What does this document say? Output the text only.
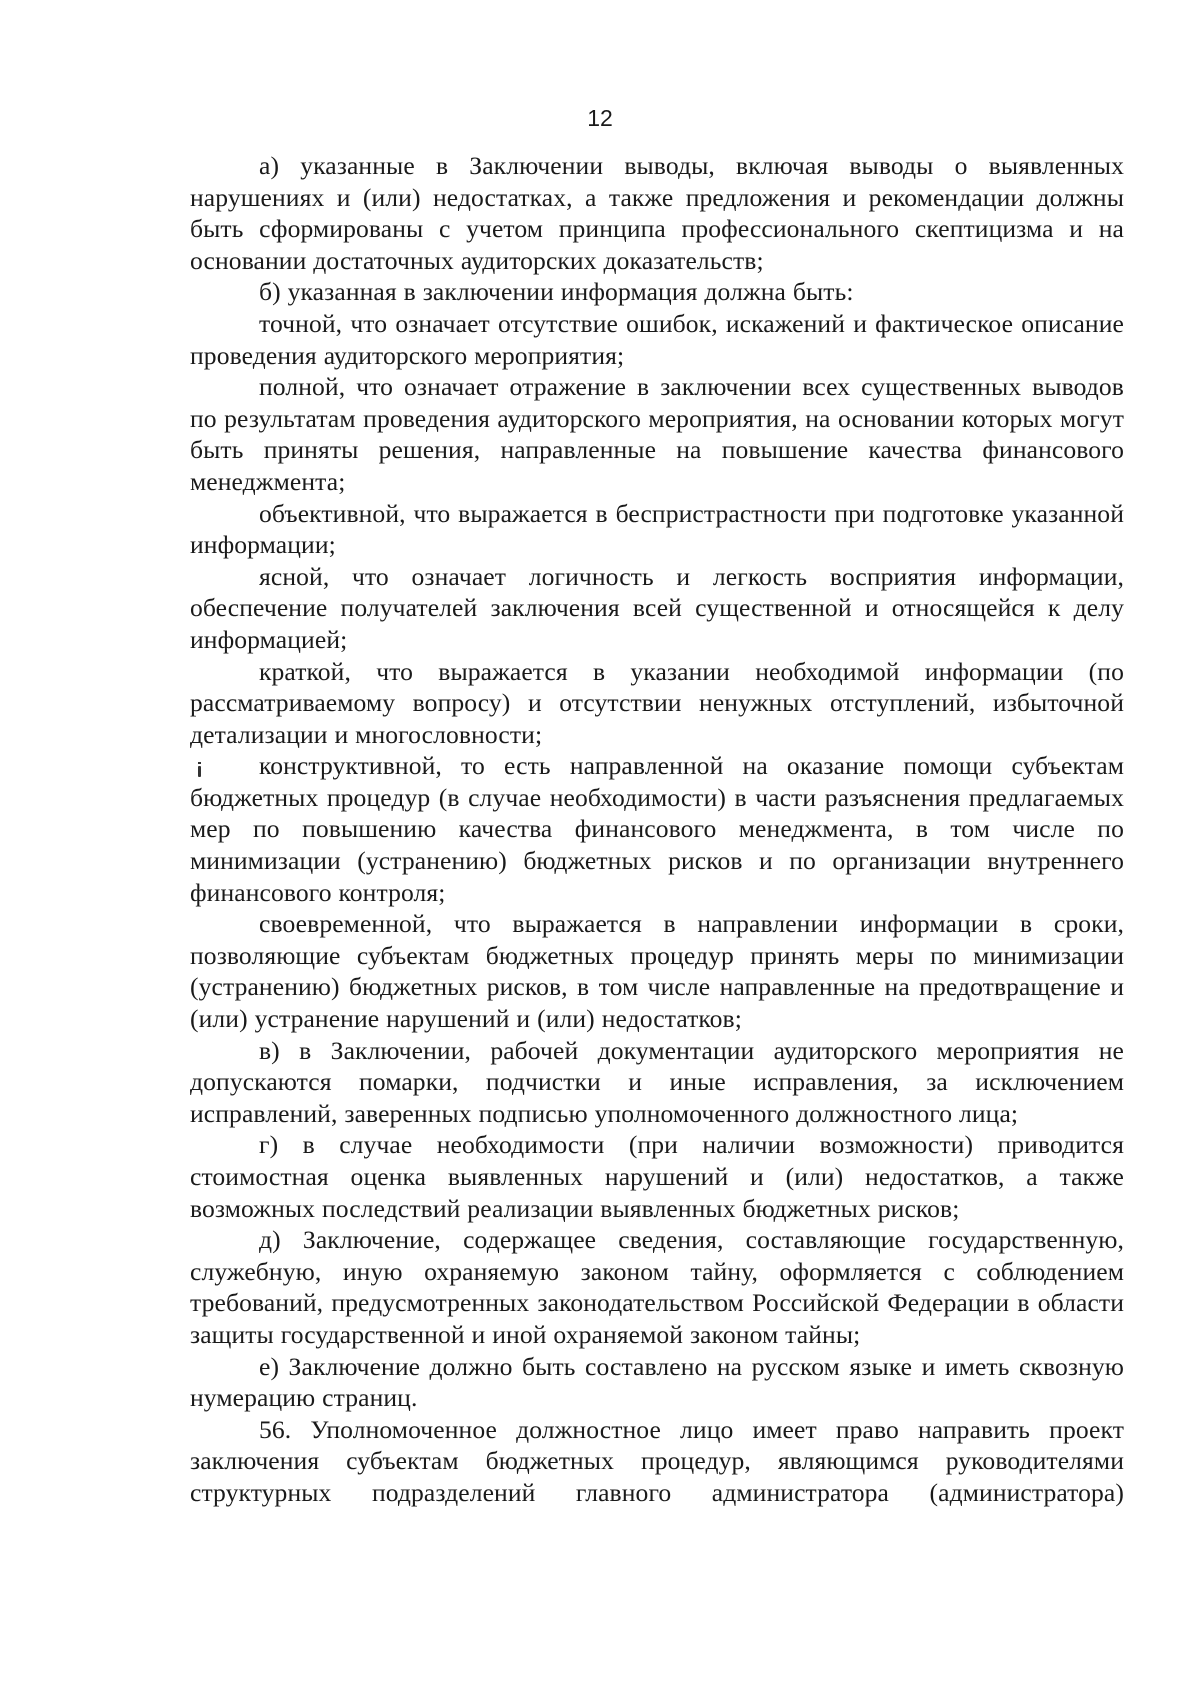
12

а) указанные в Заключении выводы, включая выводы о выявленных нарушениях и (или) недостатках, а также предложения и рекомендации должны быть сформированы с учетом принципа профессионального скептицизма и на основании достаточных аудиторских доказательств;

б) указанная в заключении информация должна быть:

точной, что означает отсутствие ошибок, искажений и фактическое описание проведения аудиторского мероприятия;

полной, что означает отражение в заключении всех существенных выводов по результатам проведения аудиторского мероприятия, на основании которых могут быть приняты решения, направленные на повышение качества финансового менеджмента;

объективной, что выражается в беспристрастности при подготовке указанной информации;

ясной, что означает логичность и легкость восприятия информации, обеспечение получателей заключения всей существенной и относящейся к делу информацией;

краткой, что выражается в указании необходимой информации (по рассматриваемому вопросу) и отсутствии ненужных отступлений, избыточной детализации и многословности;

конструктивной, то есть направленной на оказание помощи субъектам бюджетных процедур (в случае необходимости) в части разъяснения предлагаемых мер по повышению качества финансового менеджмента, в том числе по минимизации (устранению) бюджетных рисков и по организации внутреннего финансового контроля;

своевременной, что выражается в направлении информации в сроки, позволяющие субъектам бюджетных процедур принять меры по минимизации (устранению) бюджетных рисков, в том числе направленные на предотвращение и (или) устранение нарушений и (или) недостатков;

в) в Заключении, рабочей документации аудиторского мероприятия не допускаются помарки, подчистки и иные исправления, за исключением исправлений, заверенных подписью уполномоченного должностного лица;

г) в случае необходимости (при наличии возможности) приводится стоимостная оценка выявленных нарушений и (или) недостатков, а также возможных последствий реализации выявленных бюджетных рисков;

д) Заключение, содержащее сведения, составляющие государственную, служебную, иную охраняемую законом тайну, оформляется с соблюдением требований, предусмотренных законодательством Российской Федерации в области защиты государственной и иной охраняемой законом тайны;

е) Заключение должно быть составлено на русском языке и иметь сквозную нумерацию страниц.

56. Уполномоченное должностное лицо имеет право направить проект заключения субъектам бюджетных процедур, являющимся руководителями структурных подразделений главного администратора (администратора)
